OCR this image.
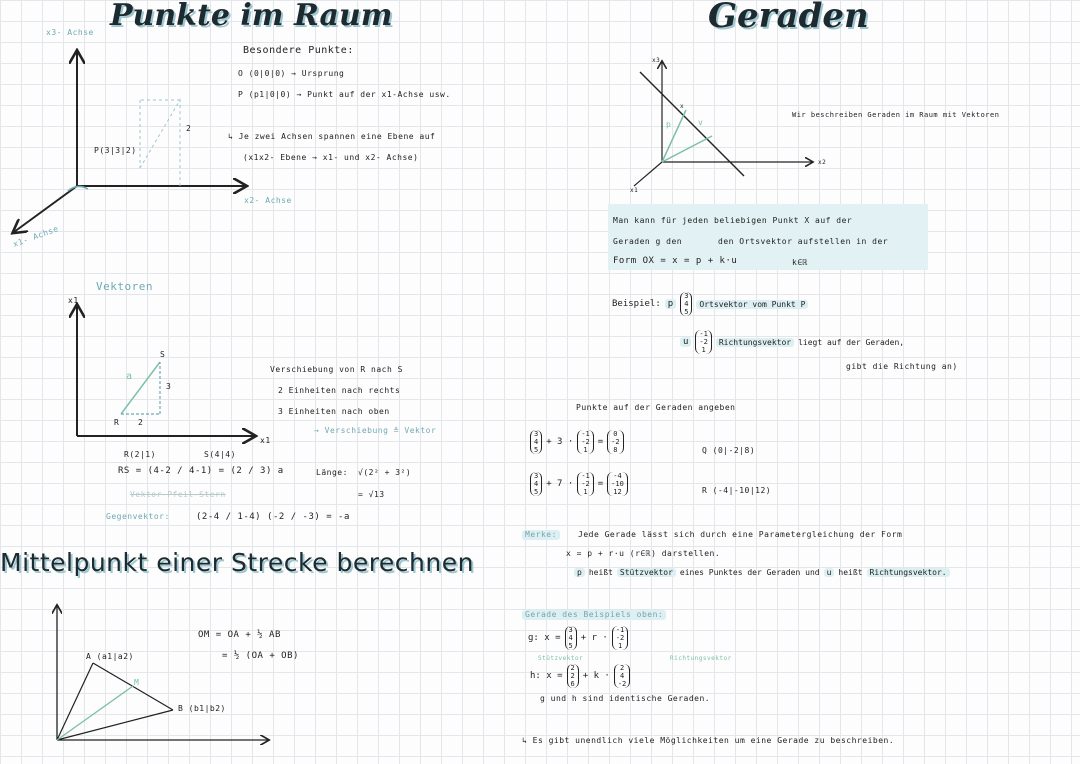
Punkte im Raum
x3- Achse
x2- Achse
x1- Achse
P(3|3|2)
2
Besondere Punkte:
O (0|0|0) → Ursprung
P (p1|0|0) → Punkt auf der x1-Achse usw.
↳ Je zwei Achsen spannen eine Ebene auf
(x1x2- Ebene → x1- und x2- Achse)
Vektoren
x1
S
a
3
2
R
x1
R(2|1)	S(4|4)
RS = (4-2 / 4-1) = (2 / 3) a
Vektor-Pfeil-Stern
Gegenvektor:	(2-4 / 1-4) (-2 / -3) = -a
Verschiebung von R nach S
2 Einheiten nach rechts
3 Einheiten nach oben
→ Verschiebung ≙ Vektor
Länge: √(2² + 3²)
= √13
Mittelpunkt einer Strecke berechnen
A (a1|a2)
M
B (b1|b2)
OM = OA + ½ AB
= ½ (OA + OB)
Geraden
x3
x2
x1
p	v
x
Wir beschreiben Geraden im Raum mit Vektoren
Man kann für jeden beliebigen Punkt X auf der
Geraden g den	den Ortsvektor aufstellen in der
Form OX = x = p + k·u	k∈ℝ
Beispiel: p
3
4
5
Ortsvektor vom Punkt P
u
-1
-2
1
Richtungsvektor liegt auf der Geraden,
gibt die Richtung an)
Punkte auf der Geraden angeben
3
4
5
+ 3 ·
-1
-2
1
=
0
-2
8	Q (0|-2|8)
3
4
5
+ 7 ·
-1
-2
1
=
-4
-10
12	R (-4|-10|12)
Merke:	Jede Gerade lässt sich durch eine Parametergleichung der Form
x = p + r·u (r∈ℝ) darstellen.
p heißt Stützvektor eines Punktes der Geraden und u heißt Richtungsvektor.
Gerade des Beispiels oben:
g: x =
3
4
5
+ r ·
-1
-2
1
Stützvektor	Richtungsvektor
h: x =
2
2
6
+ k ·
2
4
-2
g und h sind identische Geraden.
↳ Es gibt unendlich viele Möglichkeiten um eine Gerade zu beschreiben.
